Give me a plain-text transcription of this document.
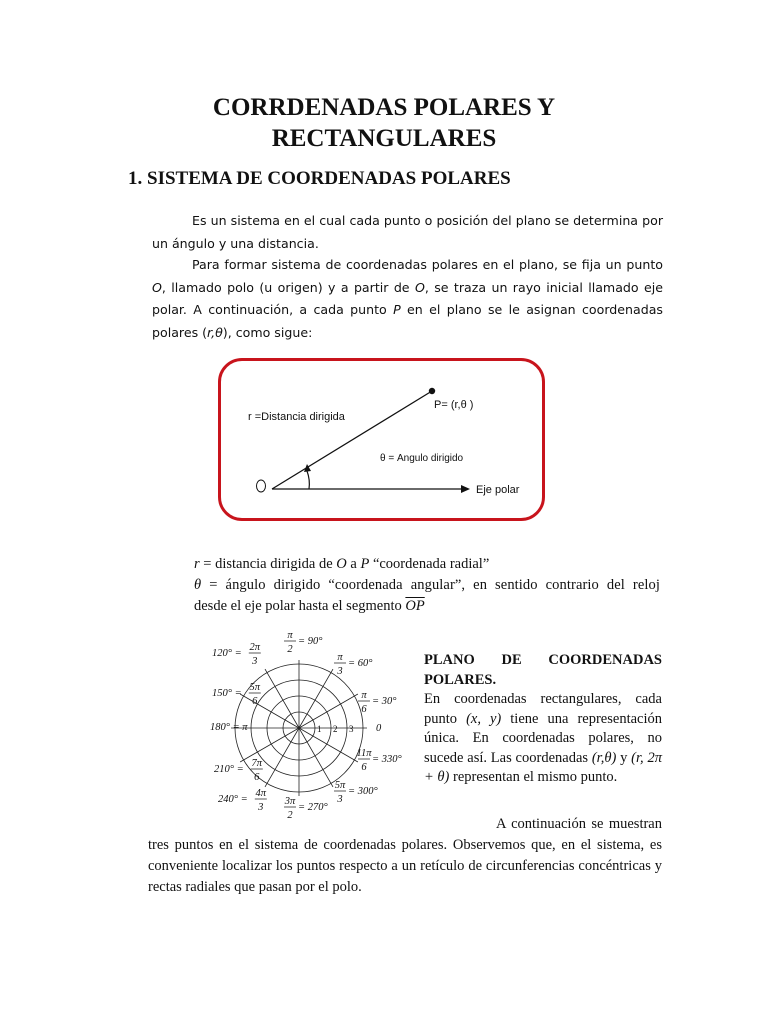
CORRDENADAS POLARES Y
RECTANGULARES
1. SISTEMA DE COORDENADAS POLARES

Es un sistema en el cual cada punto o posición del plano se determina por un ángulo y una distancia.

Para formar sistema de coordenadas polares en el plano, se fija un punto O, llamado polo (u origen) y a partir de O, se traza un rayo inicial llamado eje polar. A continuación, a cada punto P en el plano se le asignan coordenadas polares (r,θ), como sigue:

P= (r,θ )
r =Distancia dirigida
θ = Angulo dirigido
Eje polar
r = distancia dirigida de O a P “coordenada radial”
θ = ángulo dirigido “coordenada angular”, en sentido contrario del reloj
desde el eje polar hasta el segmento $\overline{OP}$
1 2 3
120° =
2π
3
= 90°
π
2
= 60°
π
3
150° =
5π
6	= 30°
π
6
180° = π	0
210° =
7π
6
= 330°
11π
6
240° =
4π
3
= 300°
5π
3
= 270°
3π
2
PLANO DE COORDENADAS
POLARES.
En coordenadas rectangulares, cada punto (x, y) tiene una representación única. En coordenadas polares, no sucede así. Las coordenadas (r,θ) y (r, 2π + θ) representan el mismo punto.
A continuación se muestran
tres puntos en el sistema de coordenadas polares. Observemos que, en el sistema, es conveniente localizar los puntos respecto a un retículo de circunferencias concéntricas y rectas radiales que pasan por el polo.
